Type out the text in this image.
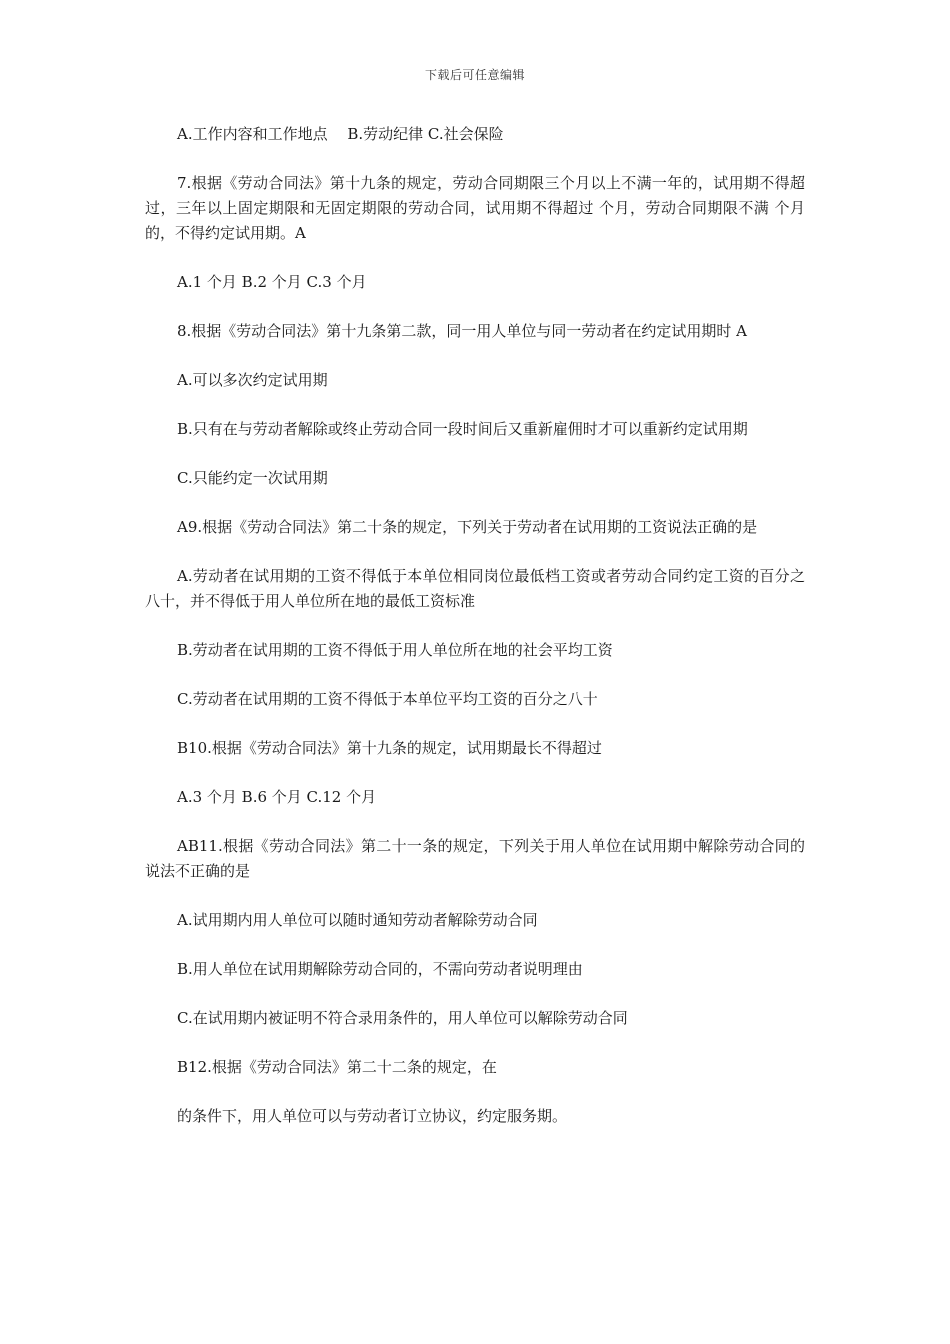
下载后可任意编辑

A.工作内容和工作地点　 B.劳动纪律 C.社会保险

7.根据《劳动合同法》第十九条的规定，劳动合同期限三个月以上不满一年的，试用期不得超过，三年以上固定期限和无固定期限的劳动合同，试用期不得超过 个月，劳动合同期限不满 个月的，不得约定试用期。A

A.1 个月 B.2 个月 C.3 个月

8.根据《劳动合同法》第十九条第二款，同一用人单位与同一劳动者在约定试用期时 A

A.可以多次约定试用期

B.只有在与劳动者解除或终止劳动合同一段时间后又重新雇佣时才可以重新约定试用期

C.只能约定一次试用期

A9.根据《劳动合同法》第二十条的规定，下列关于劳动者在试用期的工资说法正确的是

A.劳动者在试用期的工资不得低于本单位相同岗位最低档工资或者劳动合同约定工资的百分之八十，并不得低于用人单位所在地的最低工资标准

B.劳动者在试用期的工资不得低于用人单位所在地的社会平均工资

C.劳动者在试用期的工资不得低于本单位平均工资的百分之八十

B10.根据《劳动合同法》第十九条的规定，试用期最长不得超过

A.3 个月 B.6 个月 C.12 个月

AB11.根据《劳动合同法》第二十一条的规定，下列关于用人单位在试用期中解除劳动合同的说法不正确的是

A.试用期内用人单位可以随时通知劳动者解除劳动合同

B.用人单位在试用期解除劳动合同的，不需向劳动者说明理由

C.在试用期内被证明不符合录用条件的，用人单位可以解除劳动合同

B12.根据《劳动合同法》第二十二条的规定，在

的条件下，用人单位可以与劳动者订立协议，约定服务期。
